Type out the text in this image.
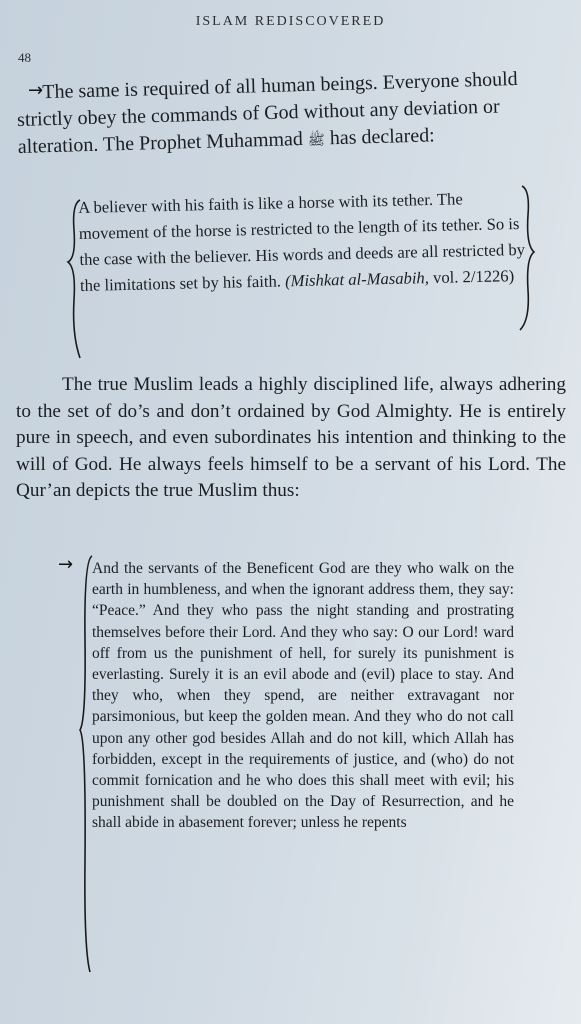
ISLAM REDISCOVERED
48
→
The same is required of all human beings. Everyone should strictly obey the commands of God without any deviation or alteration. The Prophet Muhammad ﷺ has declared:
A believer with his faith is like a horse with its tether. The movement of the horse is restricted to the length of its tether. So is the case with the believer. His words and deeds are all restricted by the limitations set by his faith. (Mishkat al-Masabih, vol. 2/1226)
The true Muslim leads a highly disciplined life, always adhering to the set of do’s and don’t ordained by God Almighty. He is entirely pure in speech, and even subordinates his intention and thinking to the will of God. He always feels himself to be a servant of his Lord. The Qur’an depicts the true Muslim thus:
→ And the servants of the Beneficent God are they who walk on the earth in humbleness, and when the ignorant address them, they say: “Peace.” And they who pass the night standing and prostrating themselves before their Lord. And they who say: O our Lord! ward off from us the punishment of hell, for surely its punishment is everlasting. Surely it is an evil abode and (evil) place to stay. And they who, when they spend, are neither extravagant nor parsimonious, but keep the golden mean. And they who do not call upon any other god besides Allah and do not kill, which Allah has forbidden, except in the requirements of justice, and (who) do not commit fornication and he who does this shall meet with evil; his punishment shall be doubled on the Day of Resurrection, and he shall abide in abasement forever; unless he repents
